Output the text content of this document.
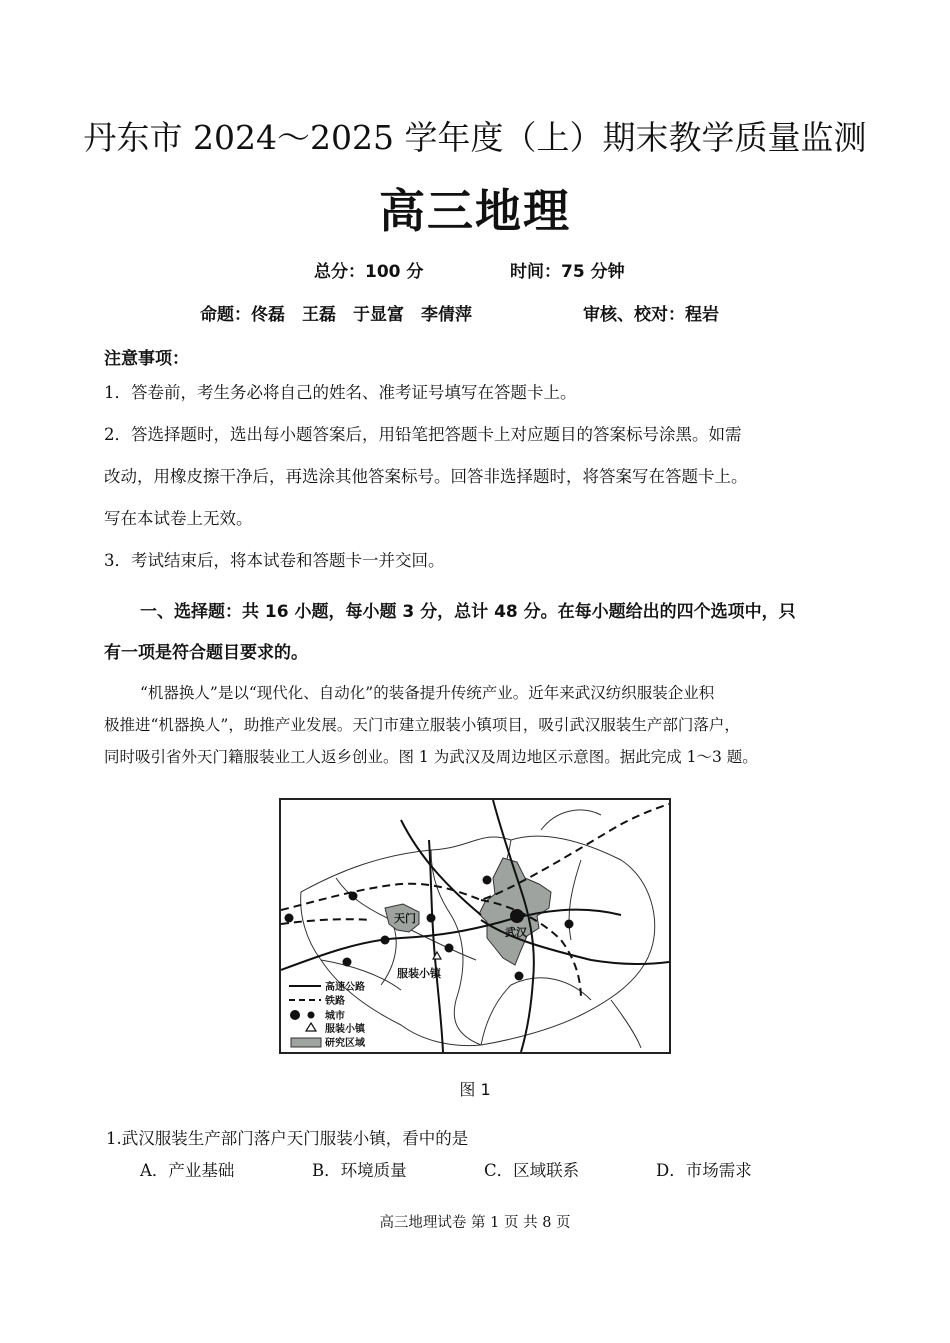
丹东市 2024～2025 学年度（上）期末教学质量监测
高三地理
总分：100 分	时间：75 分钟
命题：佟磊　王磊　于显富　李倩萍	审核、校对：程岩
注意事项：
1．答卷前，考生务必将自己的姓名、准考证号填写在答题卡上。
2．答选择题时，选出每小题答案后，用铅笔把答题卡上对应题目的答案标号涂黑。如需
改动，用橡皮擦干净后，再选涂其他答案标号。回答非选择题时，将答案写在答题卡上。
写在本试卷上无效。
3．考试结束后，将本试卷和答题卡一并交回。
一、选择题：共 16 小题，每小题 3 分，总计 48 分。在每小题给出的四个选项中，只
有一项是符合题目要求的。
“机器换人”是以“现代化、自动化”的装备提升传统产业。近年来武汉纺织服装企业积
极推进“机器换人”，助推产业发展。天门市建立服装小镇项目，吸引武汉服装生产部门落户，
同时吸引省外天门籍服装业工人返乡创业。图 1 为武汉及周边地区示意图。据此完成 1～3 题。
天门
武汉
服装小镇
高速公路
铁路
城市
服装小镇
研究区域
图 1
1.武汉服装生产部门落户天门服装小镇，看中的是
A．产业基础	B．环境质量	C．区域联系	D．市场需求
高三地理试卷 第 1 页 共 8 页
